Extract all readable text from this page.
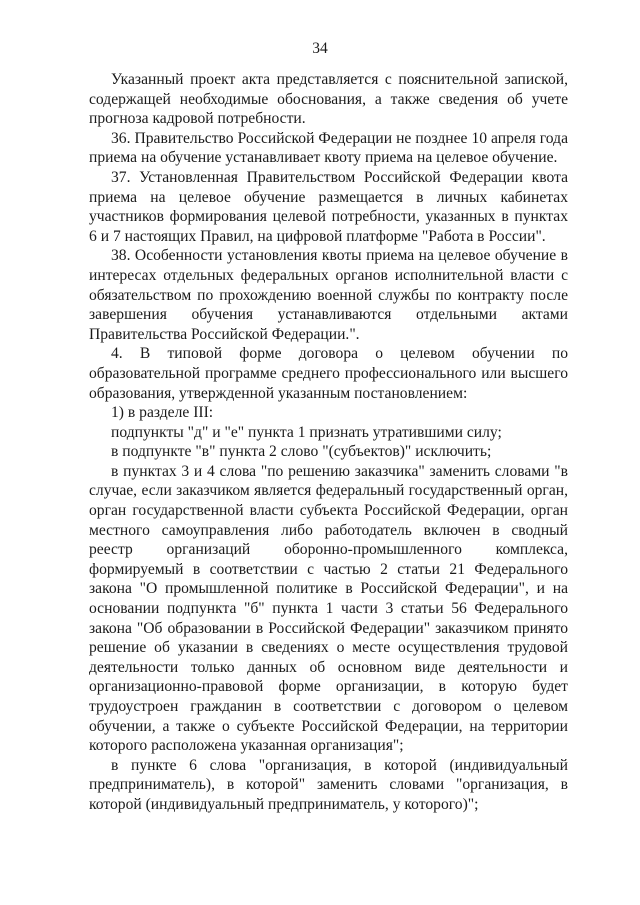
34

Указанный проект акта представляется с пояснительной запиской, содержащей необходимые обоснования, а также сведения об учете прогноза кадровой потребности.

36. Правительство Российской Федерации не позднее 10 апреля года приема на обучение устанавливает квоту приема на целевое обучение.

37. Установленная Правительством Российской Федерации квота приема на целевое обучение размещается в личных кабинетах участников формирования целевой потребности, указанных в пунктах 6 и 7 настоящих Правил, на цифровой платформе "Работа в России".

38. Особенности установления квоты приема на целевое обучение в интересах отдельных федеральных органов исполнительной власти с обязательством по прохождению военной службы по контракту после завершения обучения устанавливаются отдельными актами Правительства Российской Федерации.".

4. В типовой форме договора о целевом обучении по образовательной программе среднего профессионального или высшего образования, утвержденной указанным постановлением:

1) в разделе III:

подпункты "д" и "е" пункта 1 признать утратившими силу;

в подпункте "в" пункта 2 слово "(субъектов)" исключить;

в пунктах 3 и 4 слова "по решению заказчика" заменить словами "в случае, если заказчиком является федеральный государственный орган, орган государственной власти субъекта Российской Федерации, орган местного самоуправления либо работодатель включен в сводный реестр организаций оборонно-промышленного комплекса, формируемый в соответствии с частью 2 статьи 21 Федерального закона "О промышленной политике в Российской Федерации", и на основании подпункта "б" пункта 1 части 3 статьи 56 Федерального закона "Об образовании в Российской Федерации" заказчиком принято решение об указании в сведениях о месте осуществления трудовой деятельности только данных об основном виде деятельности и организационно-правовой форме организации, в которую будет трудоустроен гражданин в соответствии с договором о целевом обучении, а также о субъекте Российской Федерации, на территории которого расположена указанная организация";

в пункте 6 слова "организация, в которой (индивидуальный предприниматель), в которой" заменить словами "организация, в которой (индивидуальный предприниматель, у которого)";
